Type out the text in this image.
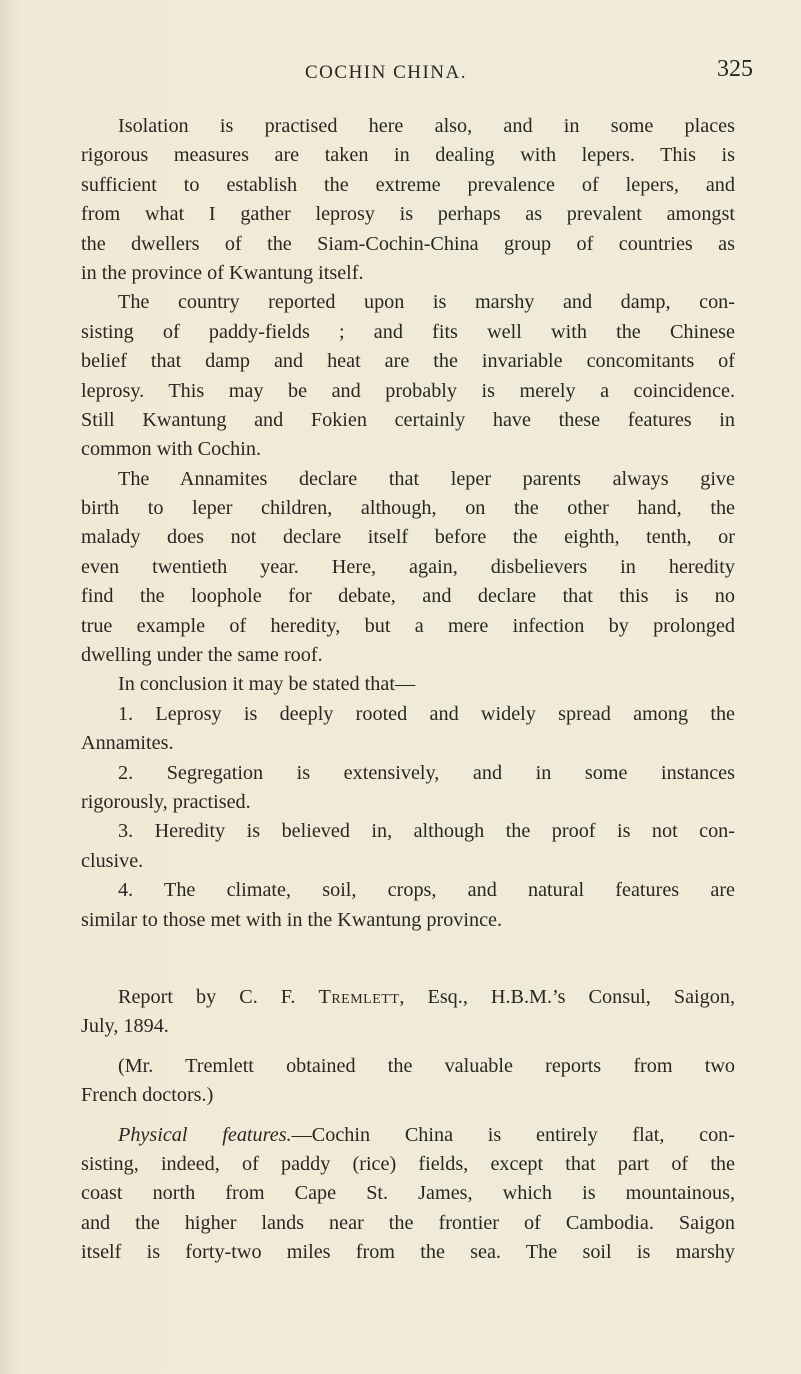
COCHIN CHINA.	325
Isolation is practised here also, and in some places
rigorous measures are taken in dealing with lepers. This is
sufficient to establish the extreme prevalence of lepers, and
from what I gather leprosy is perhaps as prevalent amongst
the dwellers of the Siam-Cochin-China group of countries as
in the province of Kwantung itself.
The country reported upon is marshy and damp, con-
sisting of paddy-fields ; and fits well with the Chinese
belief that damp and heat are the invariable concomitants of
leprosy. This may be and probably is merely a coincidence.
Still Kwantung and Fokien certainly have these features in
common with Cochin.
The Annamites declare that leper parents always give
birth to leper children, although, on the other hand, the
malady does not declare itself before the eighth, tenth, or
even twentieth year. Here, again, disbelievers in heredity
find the loophole for debate, and declare that this is no
true example of heredity, but a mere infection by prolonged
dwelling under the same roof.
In conclusion it may be stated that—
1. Leprosy is deeply rooted and widely spread among the
Annamites.
2. Segregation is extensively, and in some instances
rigorously, practised.
3. Heredity is believed in, although the proof is not con-
clusive.
4. The climate, soil, crops, and natural features are
similar to those met with in the Kwantung province.
Report by C. F. Tremlett, Esq., H.B.M.’s Consul, Saigon,
July, 1894.
(Mr. Tremlett obtained the valuable reports from two
French doctors.)
Physical features.—Cochin China is entirely flat, con-
sisting, indeed, of paddy (rice) fields, except that part of the
coast north from Cape St. James, which is mountainous,
and the higher lands near the frontier of Cambodia. Saigon
itself is forty-two miles from the sea. The soil is marshy
